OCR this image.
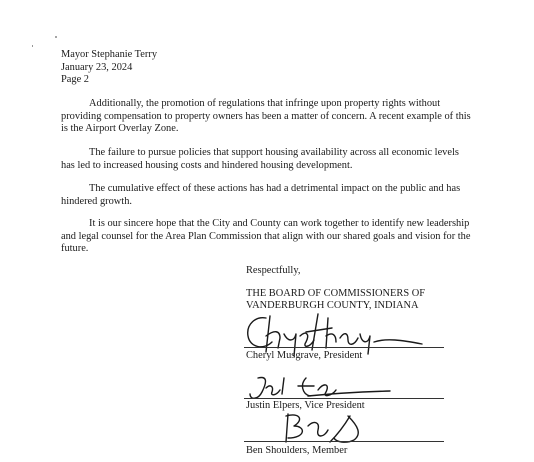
Mayor Stephanie Terry
January 23, 2024
Page 2

Additionally, the promotion of regulations that infringe upon property rights without providing compensation to property owners has been a matter of concern. A recent example of this is the Airport Overlay Zone.

The failure to pursue policies that support housing availability across all economic levels has led to increased housing costs and hindered housing development.

The cumulative effect of these actions has had a detrimental impact on the public and has hindered growth.

It is our sincere hope that the City and County can work together to identify new leadership and legal counsel for the Area Plan Commission that align with our shared goals and vision for the future.

Respectfully,
THE BOARD OF COMMISSIONERS OF
VANDERBURGH COUNTY, INDIANA
Cheryl Musgrave, President
Justin Elpers, Vice President
Ben Shoulders, Member
